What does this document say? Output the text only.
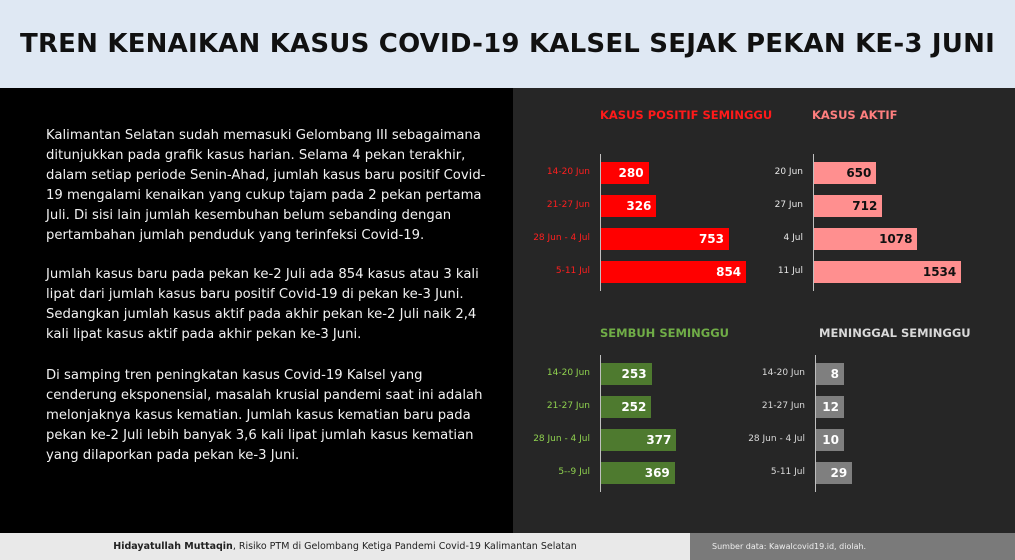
TREN KENAIKAN KASUS COVID-19 KALSEL SEJAK PEKAN KE-3 JUNI

Kalimantan Selatan sudah memasuki Gelombang III sebagaimana ditunjukkan pada grafik kasus harian. Selama 4 pekan terakhir, dalam setiap periode Senin-Ahad, jumlah kasus baru positif Covid-19 mengalami kenaikan yang cukup tajam pada 2 pekan pertama Juli. Di sisi lain jumlah kesembuhan belum sebanding dengan pertambahan jumlah penduduk yang terinfeksi Covid-19.

Jumlah kasus baru pada pekan ke-2 Juli ada 854 kasus atau 3 kali lipat dari jumlah kasus baru positif Covid-19 di pekan ke-3 Juni. Sedangkan jumlah kasus aktif pada akhir pekan ke-2 Juli naik 2,4 kali lipat kasus aktif pada akhir pekan ke-3 Juni.

Di samping tren peningkatan kasus Covid-19 Kalsel yang cenderung eksponensial, masalah krusial pandemi saat ini adalah melonjaknya kasus kematian. Jumlah kasus kematian baru pada pekan ke-2 Juli lebih banyak 3,6 kali lipat jumlah kasus kematian yang dilaporkan pada pekan ke-3 Juni.

KASUS POSITIF SEMINGGU
14-20 Jun	280
21-27 Jun	326
28 Jun - 4 Jul	753
5-11 Jul	854
KASUS AKTIF
20 Jun	650
27 Jun	712
4 Jul	1078
11 Jul	1534
SEMBUH SEMINGGU
14-20 Jun	253
21-27 Jun	252
28 Jun - 4 Jul	377
5--9 Jul	369
MENINGGAL SEMINGGU
14-20 Jun	8
21-27 Jun	12
28 Jun - 4 Jul	10
5-11 Jul	29
Hidayatullah Muttaqin , Risiko PTM di Gelombang Ketiga Pandemi Covid-19 Kalimantan Selatan	Sumber data: Kawalcovid19.id, diolah.
